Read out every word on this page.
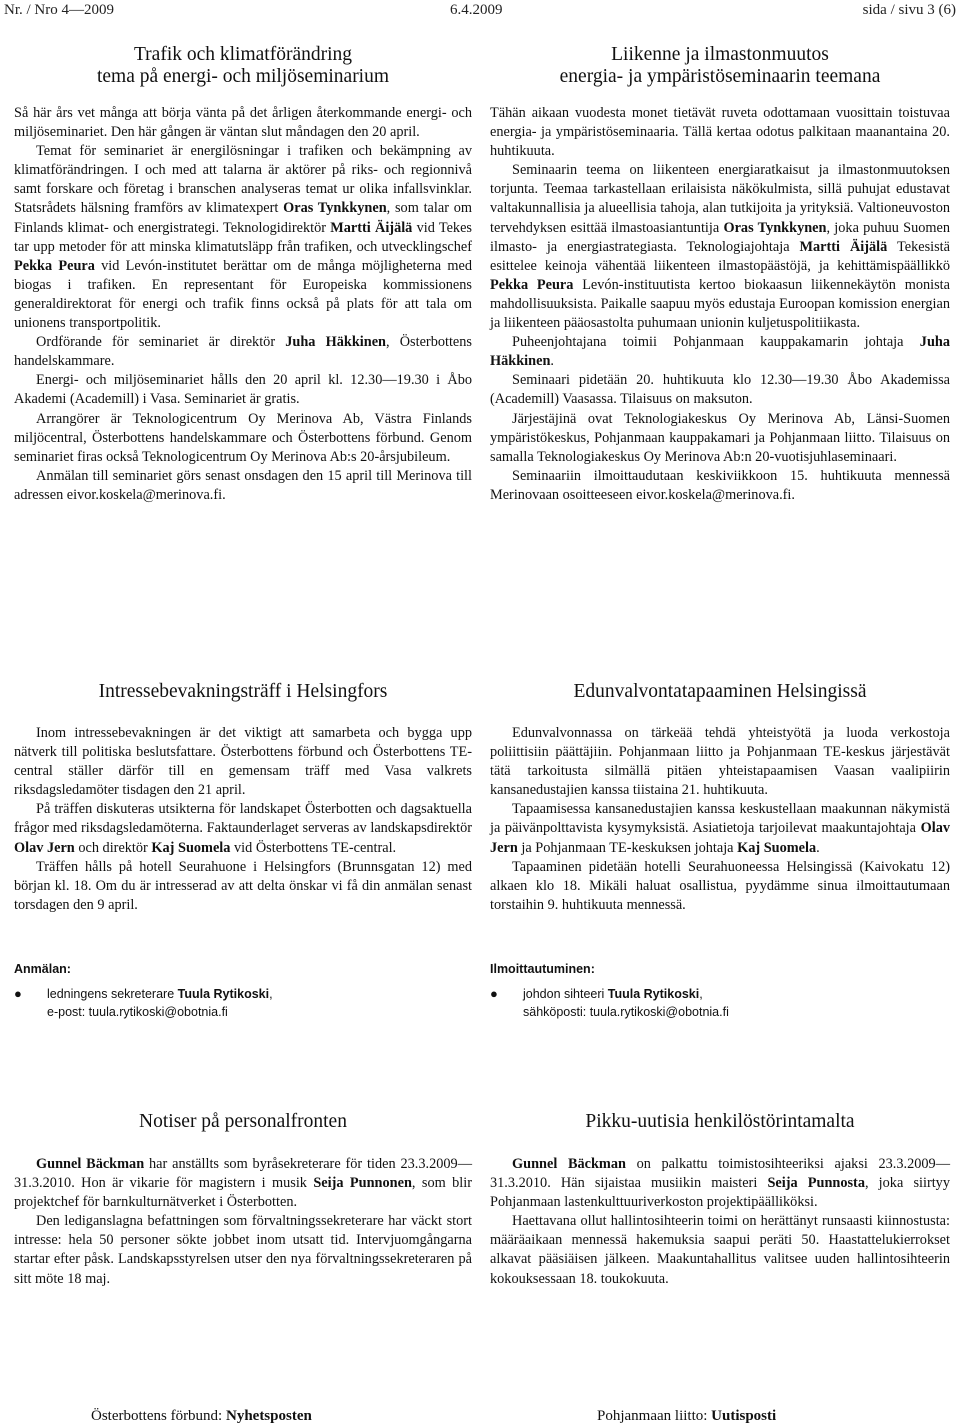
Nr. / Nro 4—2009	6.4.2009	sida / sivu 3 (6)
Trafik och klimatförändring
tema på energi- och miljöseminarium
Liikenne ja ilmastonmuutos
energia- ja ympäristöseminaarin teemana

Så här års vet många att börja vänta på det årligen återkommande energi- och miljöseminariet. Den här gången är väntan slut måndagen den 20 april.

Temat för seminariet är energilösningar i trafiken och bekämpning av klimatförändringen. I och med att talarna är aktörer på riks- och regionnivå samt forskare och företag i branschen analyseras temat ur olika infallsvinklar. Statsrådets hälsning framförs av klimatexpert Oras Tynkkynen, som talar om Finlands klimat- och energistrategi. Teknologidirektör Martti Äijälä vid Tekes tar upp metoder för att minska klimatutsläpp från trafiken, och utvecklingschef Pekka Peura vid Levón-institutet berättar om de många möjligheterna med biogas i trafiken. En representant för Europeiska kommissionens generaldirektorat för energi och trafik finns också på plats för att tala om unionens transportpolitik.

Ordförande för seminariet är direktör Juha Häkkinen, Österbottens handelskammare.

Energi- och miljöseminariet hålls den 20 april kl. 12.30—19.30 i Åbo Akademi (Academill) i Vasa. Seminariet är gratis.

Arrangörer är Teknologicentrum Oy Merinova Ab, Västra Finlands miljöcentral, Österbottens handelskammare och Österbottens förbund. Genom seminariet firas också Teknologicentrum Oy Merinova Ab:s 20-årsjubileum.

Anmälan till seminariet görs senast onsdagen den 15 april till Merinova till adressen eivor.koskela@merinova.fi.

Tähän aikaan vuodesta monet tietävät ruveta odottamaan vuosittain toistuvaa energia- ja ympäristöseminaaria. Tällä kertaa odotus palkitaan maanantaina 20. huhtikuuta.

Seminaarin teema on liikenteen energiaratkaisut ja ilmastonmuutoksen torjunta. Teemaa tarkastellaan erilaisista näkökulmista, sillä puhujat edustavat valtakunnallisia ja alueellisia tahoja, alan tutkijoita ja yrityksiä. Valtioneuvoston tervehdyksen esittää ilmastoasiantuntija Oras Tynkkynen, joka puhuu Suomen ilmasto- ja energiastrategiasta. Teknologiajohtaja Martti Äijälä Tekesistä esittelee keinoja vähentää liikenteen ilmastopäästöjä, ja kehittämispäällikkö Pekka Peura Levón-instituutista kertoo biokaasun liikennekäytön monista mahdollisuuksista. Paikalle saapuu myös edustaja Euroopan komission energian ja liikenteen pääosastolta puhumaan unionin kuljetuspolitiikasta.

Puheenjohtajana toimii Pohjanmaan kauppakamarin johtaja Juha Häkkinen.

Seminaari pidetään 20. huhtikuuta klo 12.30—19.30 Åbo Akademissa (Academill) Vaasassa. Tilaisuus on maksuton.

Järjestäjinä ovat Teknologiakeskus Oy Merinova Ab, Länsi-Suomen ympäristökeskus, Pohjanmaan kauppakamari ja Pohjanmaan liitto. Tilaisuus on samalla Teknologiakeskus Oy Merinova Ab:n 20-vuotisjuhlaseminaari.

Seminaariin ilmoittaudutaan keskiviikkoon 15. huhtikuuta mennessä Merinovaan osoitteeseen eivor.koskela@merinova.fi.

Intressebevakningsträff i Helsingfors	Edunvalvontatapaaminen Helsingissä

Inom intressebevakningen är det viktigt att samarbeta och bygga upp nätverk till politiska beslutsfattare. Österbottens förbund och Österbottens TE-central ställer därför till en gemensam träff med Vasa valkrets riksdagsledamöter tisdagen den 21 april.

På träffen diskuteras utsikterna för landskapet Österbotten och dagsaktuella frågor med riksdagsledamöterna. Faktaunderlaget serveras av landskapsdirektör Olav Jern och direktör Kaj Suomela vid Österbottens TE-central.

Träffen hålls på hotell Seurahuone i Helsingfors (Brunnsgatan 12) med början kl. 18. Om du är intresserad av att delta önskar vi få din anmälan senast torsdagen den 9 april.

Anmälan:
● ledningens sekreterare Tuula Rytikoski,
e-post: tuula.rytikoski@obotnia.fi

Edunvalvonnassa on tärkeää tehdä yhteistyötä ja luoda verkostoja poliittisiin päättäjiin. Pohjanmaan liitto ja Pohjanmaan TE-keskus järjestävät tätä tarkoitusta silmällä pitäen yhteistapaamisen Vaasan vaalipiirin kansanedustajien kanssa tiistaina 21. huhtikuuta.

Tapaamisessa kansanedustajien kanssa keskustellaan maakunnan näkymistä ja päivänpolttavista kysymyksistä. Asiatietoja tarjoilevat maakuntajohtaja Olav Jern ja Pohjanmaan TE-keskuksen johtaja Kaj Suomela.

Tapaaminen pidetään hotelli Seurahuoneessa Helsingissä (Kaivokatu 12) alkaen klo 18. Mikäli haluat osallistua, pyydämme sinua ilmoittautumaan torstaihin 9. huhtikuuta mennessä.

Ilmoittautuminen:
● johdon sihteeri Tuula Rytikoski,
sähköposti: tuula.rytikoski@obotnia.fi
Notiser på personalfronten	Pikku-uutisia henkilöstörintamalta

Gunnel Bäckman har anställts som byråsekreterare för tiden 23.3.2009—31.3.2010. Hon är vikarie för magistern i musik Seija Punnonen, som blir projektchef för barnkulturnätverket i Österbotten.

Den lediganslagna befattningen som förvaltningssekreterare har väckt stort intresse: hela 50 personer sökte jobbet inom utsatt tid. Intervjuomgångarna startar efter påsk. Landskapsstyrelsen utser den nya förvaltningssekreteraren på sitt möte 18 maj.

Gunnel Bäckman on palkattu toimistosihteeriksi ajaksi 23.3.2009—31.3.2010. Hän sijaistaa musiikin maisteri Seija Punnosta, joka siirtyy Pohjanmaan lastenkulttuuriverkoston projektipäälliköksi.

Haettavana ollut hallintosihteerin toimi on herättänyt runsaasti kiinnostusta: määräaikaan mennessä hakemuksia saapui peräti 50. Haastattelukierrokset alkavat pääsiäisen jälkeen. Maakuntahallitus valitsee uuden hallintosihteerin kokouksessaan 18. toukokuuta.

Österbottens förbund: Nyhetsposten	Pohjanmaan liitto: Uutisposti
